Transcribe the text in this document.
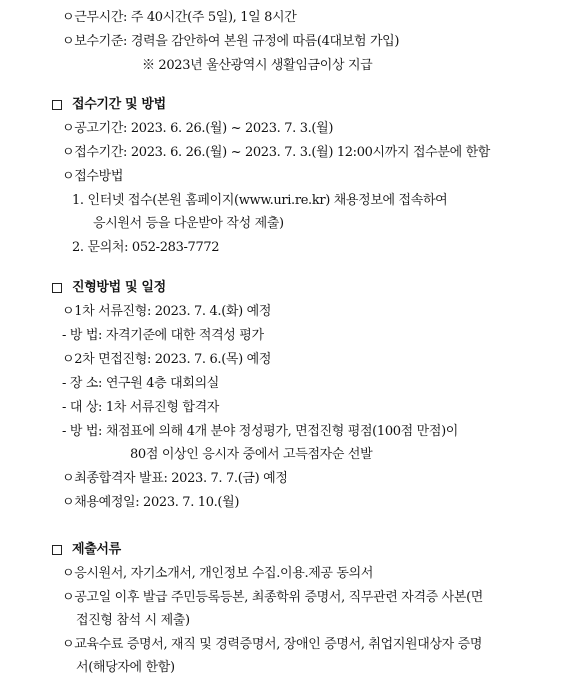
ㅇ근무시간: 주 40시간(주 5일), 1일 8시간
ㅇ보수기준: 경력을 감안하여 본원 규정에 따름(4대보험 가입)
※ 2023년 울산광역시 생활임금이상 지급
접수기간 및 방법
ㅇ공고기간: 2023. 6. 26.(월) ~ 2023. 7. 3.(월)
ㅇ접수기간: 2023. 6. 26.(월) ~ 2023. 7. 3.(월) 12:00시까지 접수분에 한함
ㅇ접수방법
1. 인터넷 접수(본원 홈페이지(www.uri.re.kr) 채용정보에 접속하여
응시원서 등을 다운받아 작성 제출)
2. 문의처: 052-283-7772
진형방법 및 일정
ㅇ1차 서류진형: 2023. 7. 4.(화) 예정
- 방 법: 자격기준에 대한 적격성 평가
ㅇ2차 면접진형: 2023. 7. 6.(목) 예정
- 장 소: 연구원 4층 대회의실
- 대 상: 1차 서류진형 합격자
- 방 법: 채점표에 의해 4개 분야 정성평가, 면접진형 평점(100점 만점)이
80점 이상인 응시자 중에서 고득점자순 선발
ㅇ최종합격자 발표: 2023. 7. 7.(금) 예정
ㅇ채용예정일: 2023. 7. 10.(월)
제출서류
ㅇ응시원서, 자기소개서, 개인정보 수집.이용.제공 동의서
ㅇ공고일 이후 발급 주민등록등본, 최종학위 증명서, 직무관련 자격증 사본(면
접진형 참석 시 제출)
ㅇ교육수료 증명서, 재직 및 경력증명서, 장애인 증명서, 취업지원대상자 증명
서(해당자에 한함)
